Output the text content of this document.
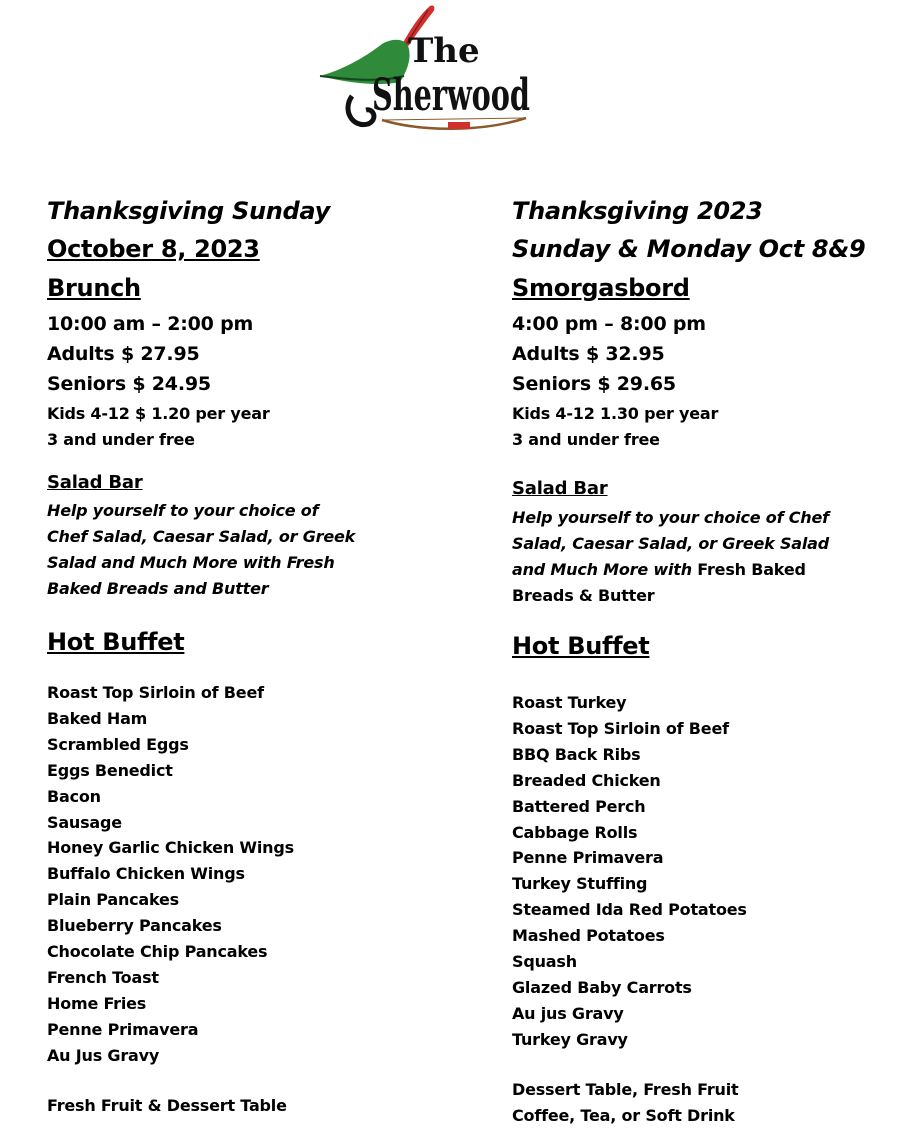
The
Sherwood
Thanksgiving Sunday
October 8, 2023
Brunch
10:00 am – 2:00 pm
Adults $ 27.95
Seniors $ 24.95
Kids 4-12 $ 1.20 per year
3 and under free
Salad Bar
Help yourself to your choice of Chef Salad, Caesar Salad, or Greek Salad and Much More with Fresh Baked Breads and Butter
Hot Buffet
Roast Top Sirloin of Beef
Baked Ham
Scrambled Eggs
Eggs Benedict
Bacon
Sausage
Honey Garlic Chicken Wings
Buffalo Chicken Wings
Plain Pancakes
Blueberry Pancakes
Chocolate Chip Pancakes
French Toast
Home Fries
Penne Primavera
Au Jus Gravy
Fresh Fruit & Dessert Table
Thanksgiving 2023
Sunday & Monday Oct 8&9
Smorgasbord
4:00 pm – 8:00 pm
Adults $ 32.95
Seniors $ 29.65
Kids 4-12 1.30 per year
3 and under free
Salad Bar
Help yourself to your choice of Chef Salad, Caesar Salad, or Greek Salad and Much More with Fresh Baked Breads & Butter
Hot Buffet
Roast Turkey
Roast Top Sirloin of Beef
BBQ Back Ribs
Breaded Chicken
Battered Perch
Cabbage Rolls
Penne Primavera
Turkey Stuffing
Steamed Ida Red Potatoes
Mashed Potatoes
Squash
Glazed Baby Carrots
Au jus Gravy
Turkey Gravy
Dessert Table, Fresh Fruit
Coffee, Tea, or Soft Drink
